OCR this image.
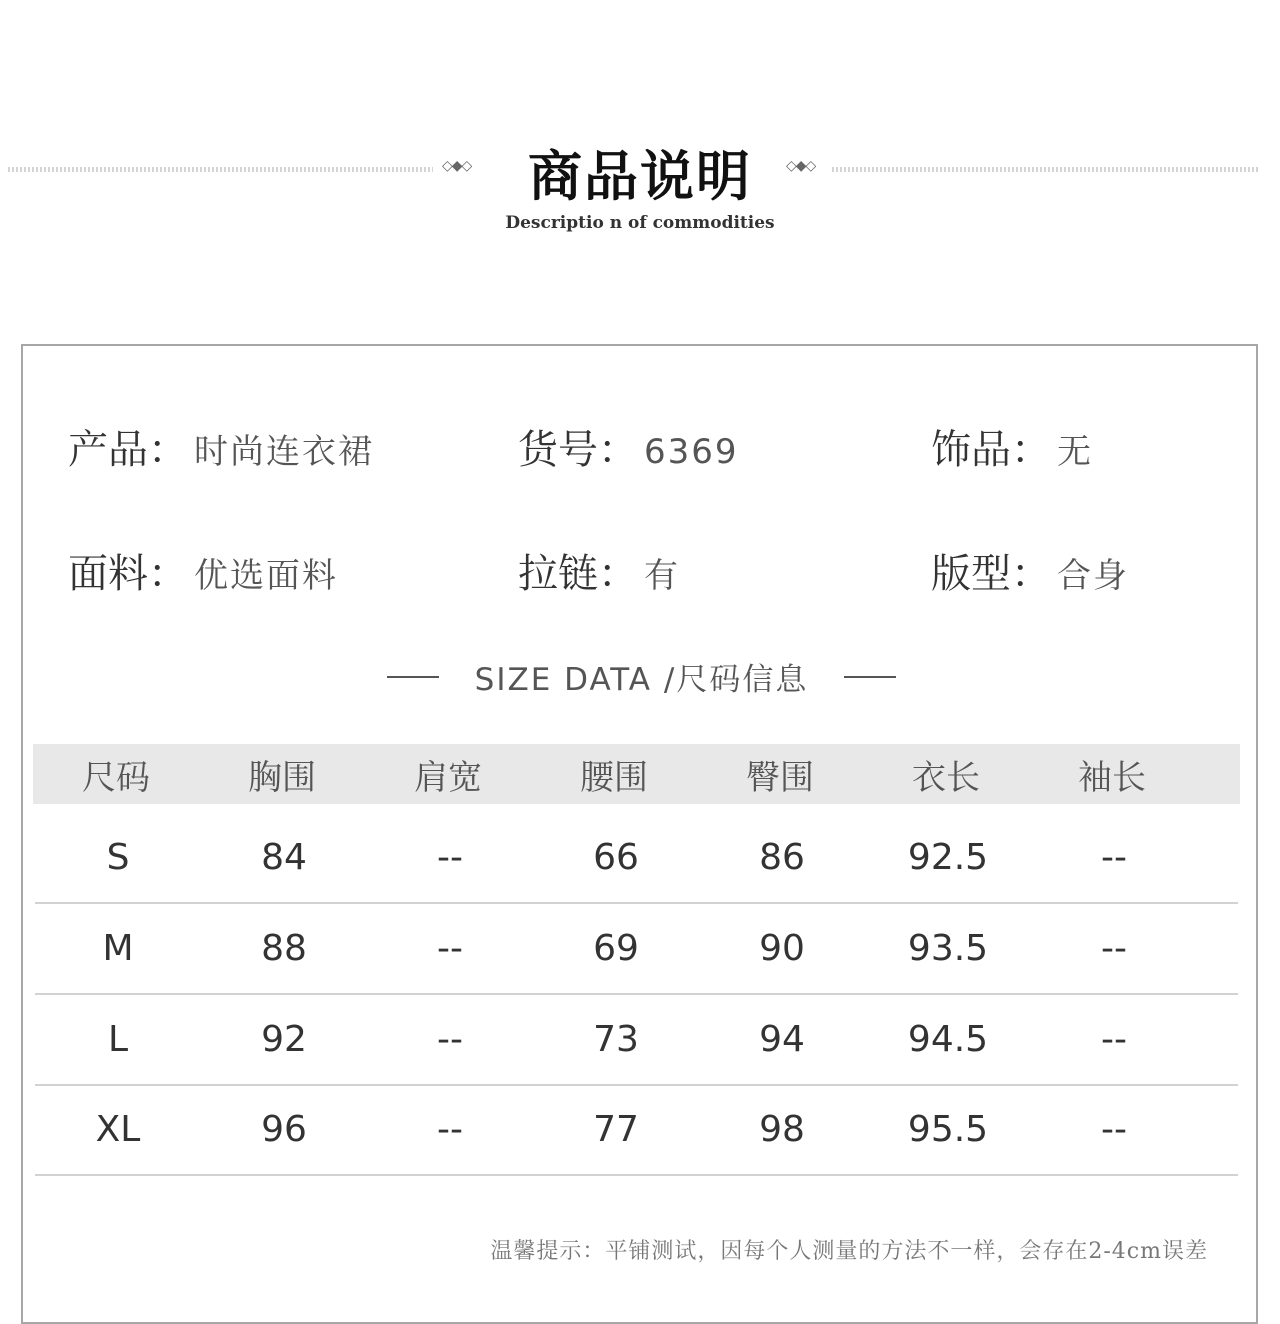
◇◆◇	商品说明	◇◆◇
Descriptio n of commodities
产品： 时尚连衣裙	货号： 6369	饰品： 无
面料： 优选面料	拉链： 有	版型： 合身
SIZE DATA /尺码信息
尺码	胸围	肩宽	腰围	臀围	衣长	袖长
S	84	--	66	86	92.5	--
M	88	--	69	90	93.5	--
L	92	--	73	94	94.5	--
XL	96	--	77	98	95.5	--
温馨提示：平铺测试，因每个人测量的方法不一样，会存在2-4cm误差
